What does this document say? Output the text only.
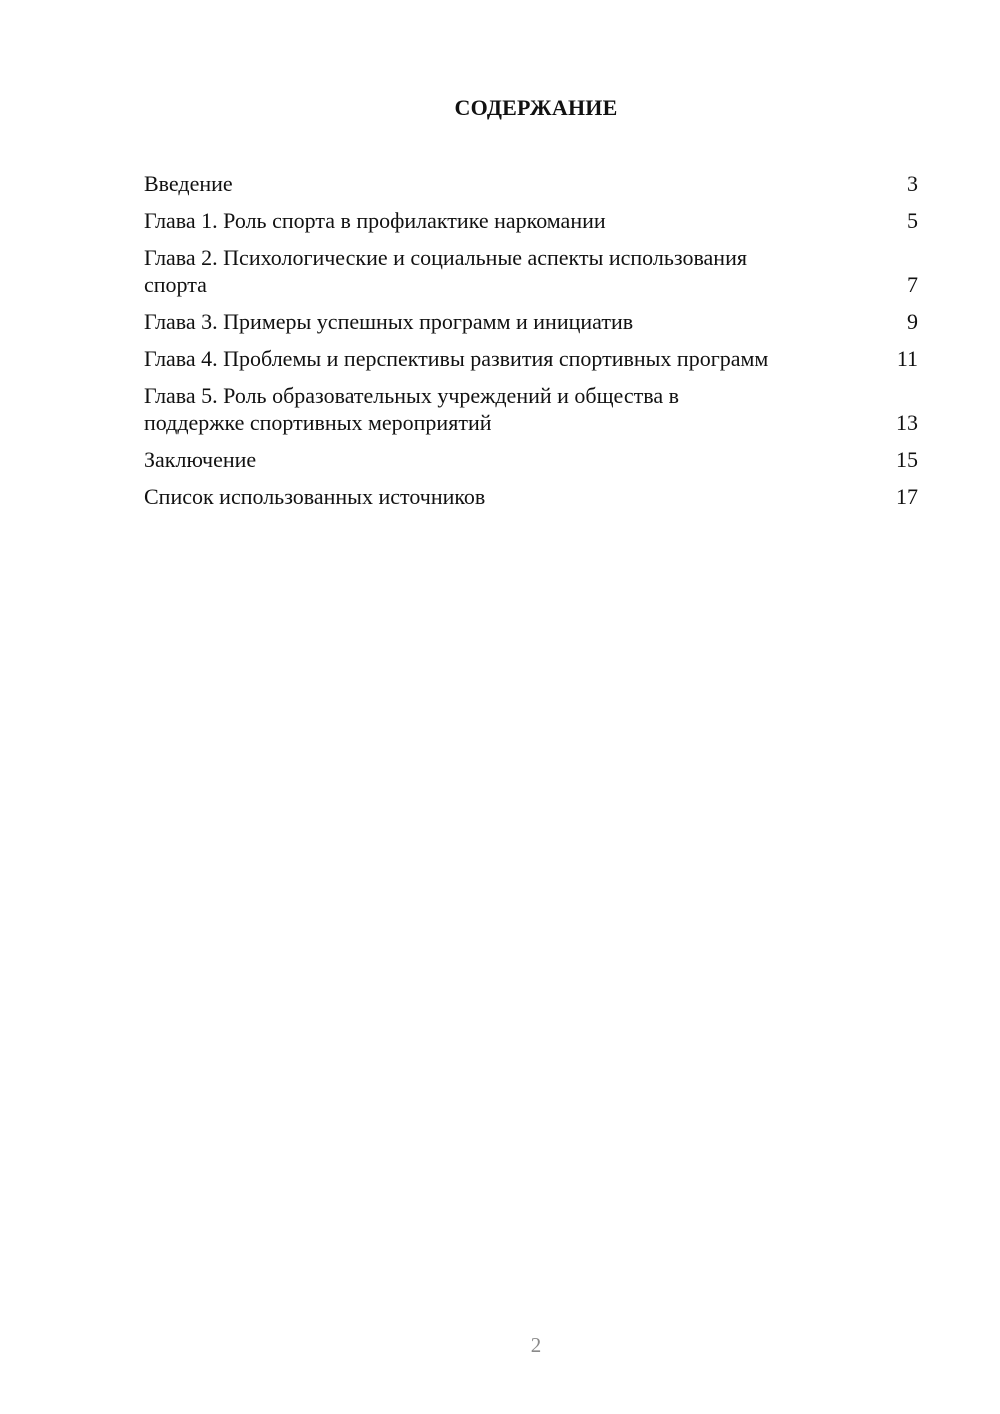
СОДЕРЖАНИЕ
Введение	3
Глава 1. Роль спорта в профилактике наркомании	5
Глава 2. Психологические и социальные аспекты использования спорта	7
Глава 3. Примеры успешных программ и инициатив	9
Глава 4. Проблемы и перспективы развития спортивных программ	11
Глава 5. Роль образовательных учреждений и общества в поддержке спортивных мероприятий	13
Заключение	15
Список использованных источников	17
2
